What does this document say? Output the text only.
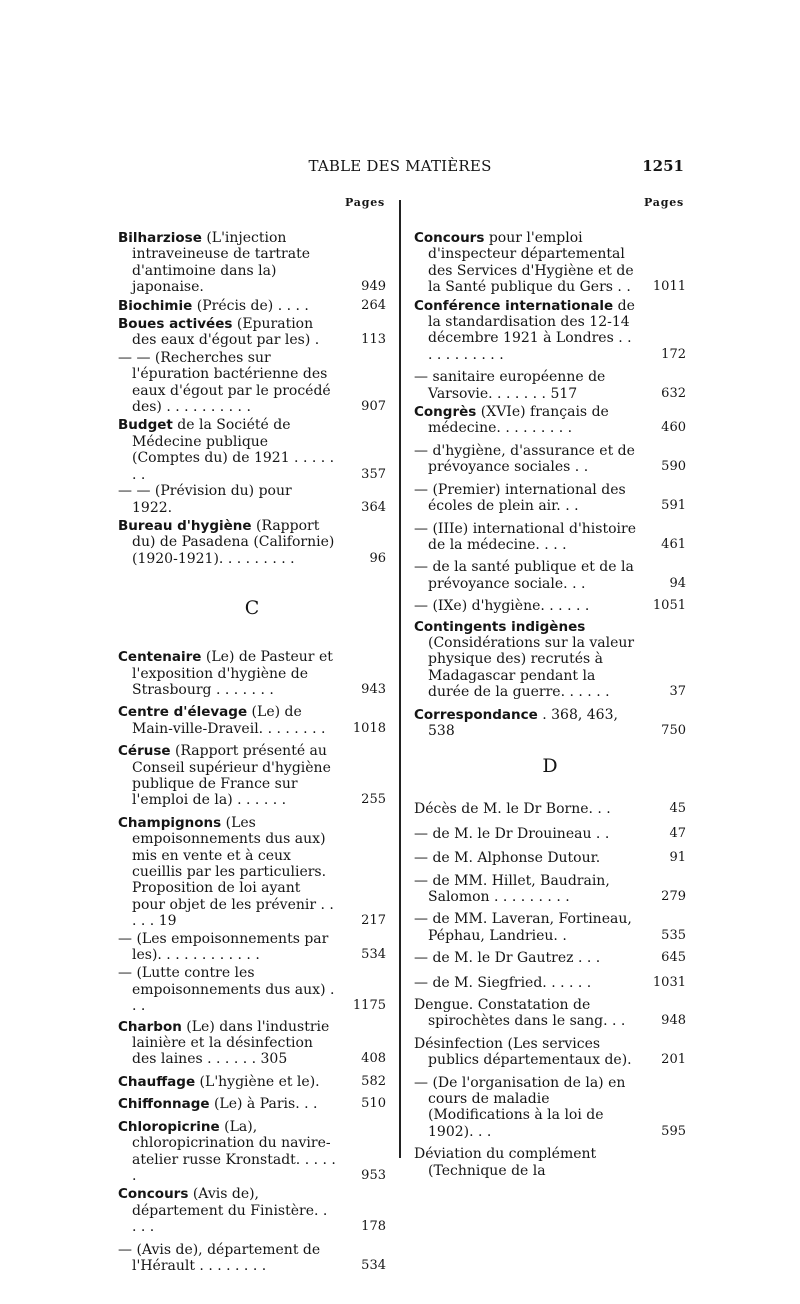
TABLE DES MATIÈRES	1251
Pages	Pages
Bilharziose (L'injection intraveineuse de tartrate d'antimoine dans la) japonaise.	949
Biochimie (Précis de) . . . .	264
Boues activées (Epuration des eaux d'égout par les) .	113
— — (Recherches sur l'épuration bactérienne des eaux d'égout par le procédé des) . . . . . . . . . .	907
Budget de la Société de Médecine publique (Comptes du) de 1921 . . . . . . .	357
— — (Prévision du) pour 1922.	364
Bureau d'hygiène (Rapport du) de Pasadena (Californie) (1920-1921). . . . . . . . .	96
C
Centenaire (Le) de Pasteur et l'exposition d'hygiène de Strasbourg . . . . . . .	943
Centre d'élevage (Le) de Main-ville-Draveil. . . . . . . .	1018
Céruse (Rapport présenté au Conseil supérieur d'hygiène publique de France sur l'emploi de la) . . . . . .	255
Champignons (Les empoisonnements dus aux) mis en vente et à ceux cueillis par les particuliers. Proposition de loi ayant pour objet de les prévenir . . . . . 19	217
— (Les empoisonnements par les). . . . . . . . . . . .	534
— (Lutte contre les empoisonnements dus aux) . . .	1175
Charbon (Le) dans l'industrie lainière et la désinfection des laines . . . . . . 305	408
Chauffage (L'hygiène et le).	582
Chiffonnage (Le) à Paris. . .	510
Chloropicrine (La), chloropicrination du navire-atelier russe Kronstadt. . . . . .	953
Concours (Avis de), département du Finistère. . . . .	178
— (Avis de), département de l'Hérault . . . . . . . .	534
Concours pour l'emploi d'inspecteur départemental des Services d'Hygiène et de la Santé publique du Gers . .	1011
Conférence internationale de la standardisation des 12-14 décembre 1921 à Londres . . . . . . . . . . .	172
— sanitaire européenne de Varsovie. . . . . . . 517	632
Congrès (XVIe) français de médecine. . . . . . . . .	460
— d'hygiène, d'assurance et de prévoyance sociales . .	590
— (Premier) international des écoles de plein air. . .	591
— (IIIe) international d'histoire de la médecine. . . .	461
— de la santé publique et de la prévoyance sociale. . .	94
— (IXe) d'hygiène. . . . . .	1051
Contingents indigènes (Considérations sur la valeur physique des) recrutés à Madagascar pendant la durée de la guerre. . . . . .	37
Correspondance . 368, 463, 538	750
D
Décès de M. le Dr Borne. . .	45
— de M. le Dr Drouineau . .	47
— de M. Alphonse Dutour.	91
— de MM. Hillet, Baudrain, Salomon . . . . . . . . .	279
— de MM. Laveran, Fortineau, Péphau, Landrieu. .	535
— de M. le Dr Gautrez . . .	645
— de M. Siegfried. . . . . .	1031
Dengue. Constatation de spirochètes dans le sang. . .	948
Désinfection (Les services publics départementaux de).	201
— (De l'organisation de la) en cours de maladie (Modifications à la loi de 1902). . .	595
Déviation du complément (Technique de la
